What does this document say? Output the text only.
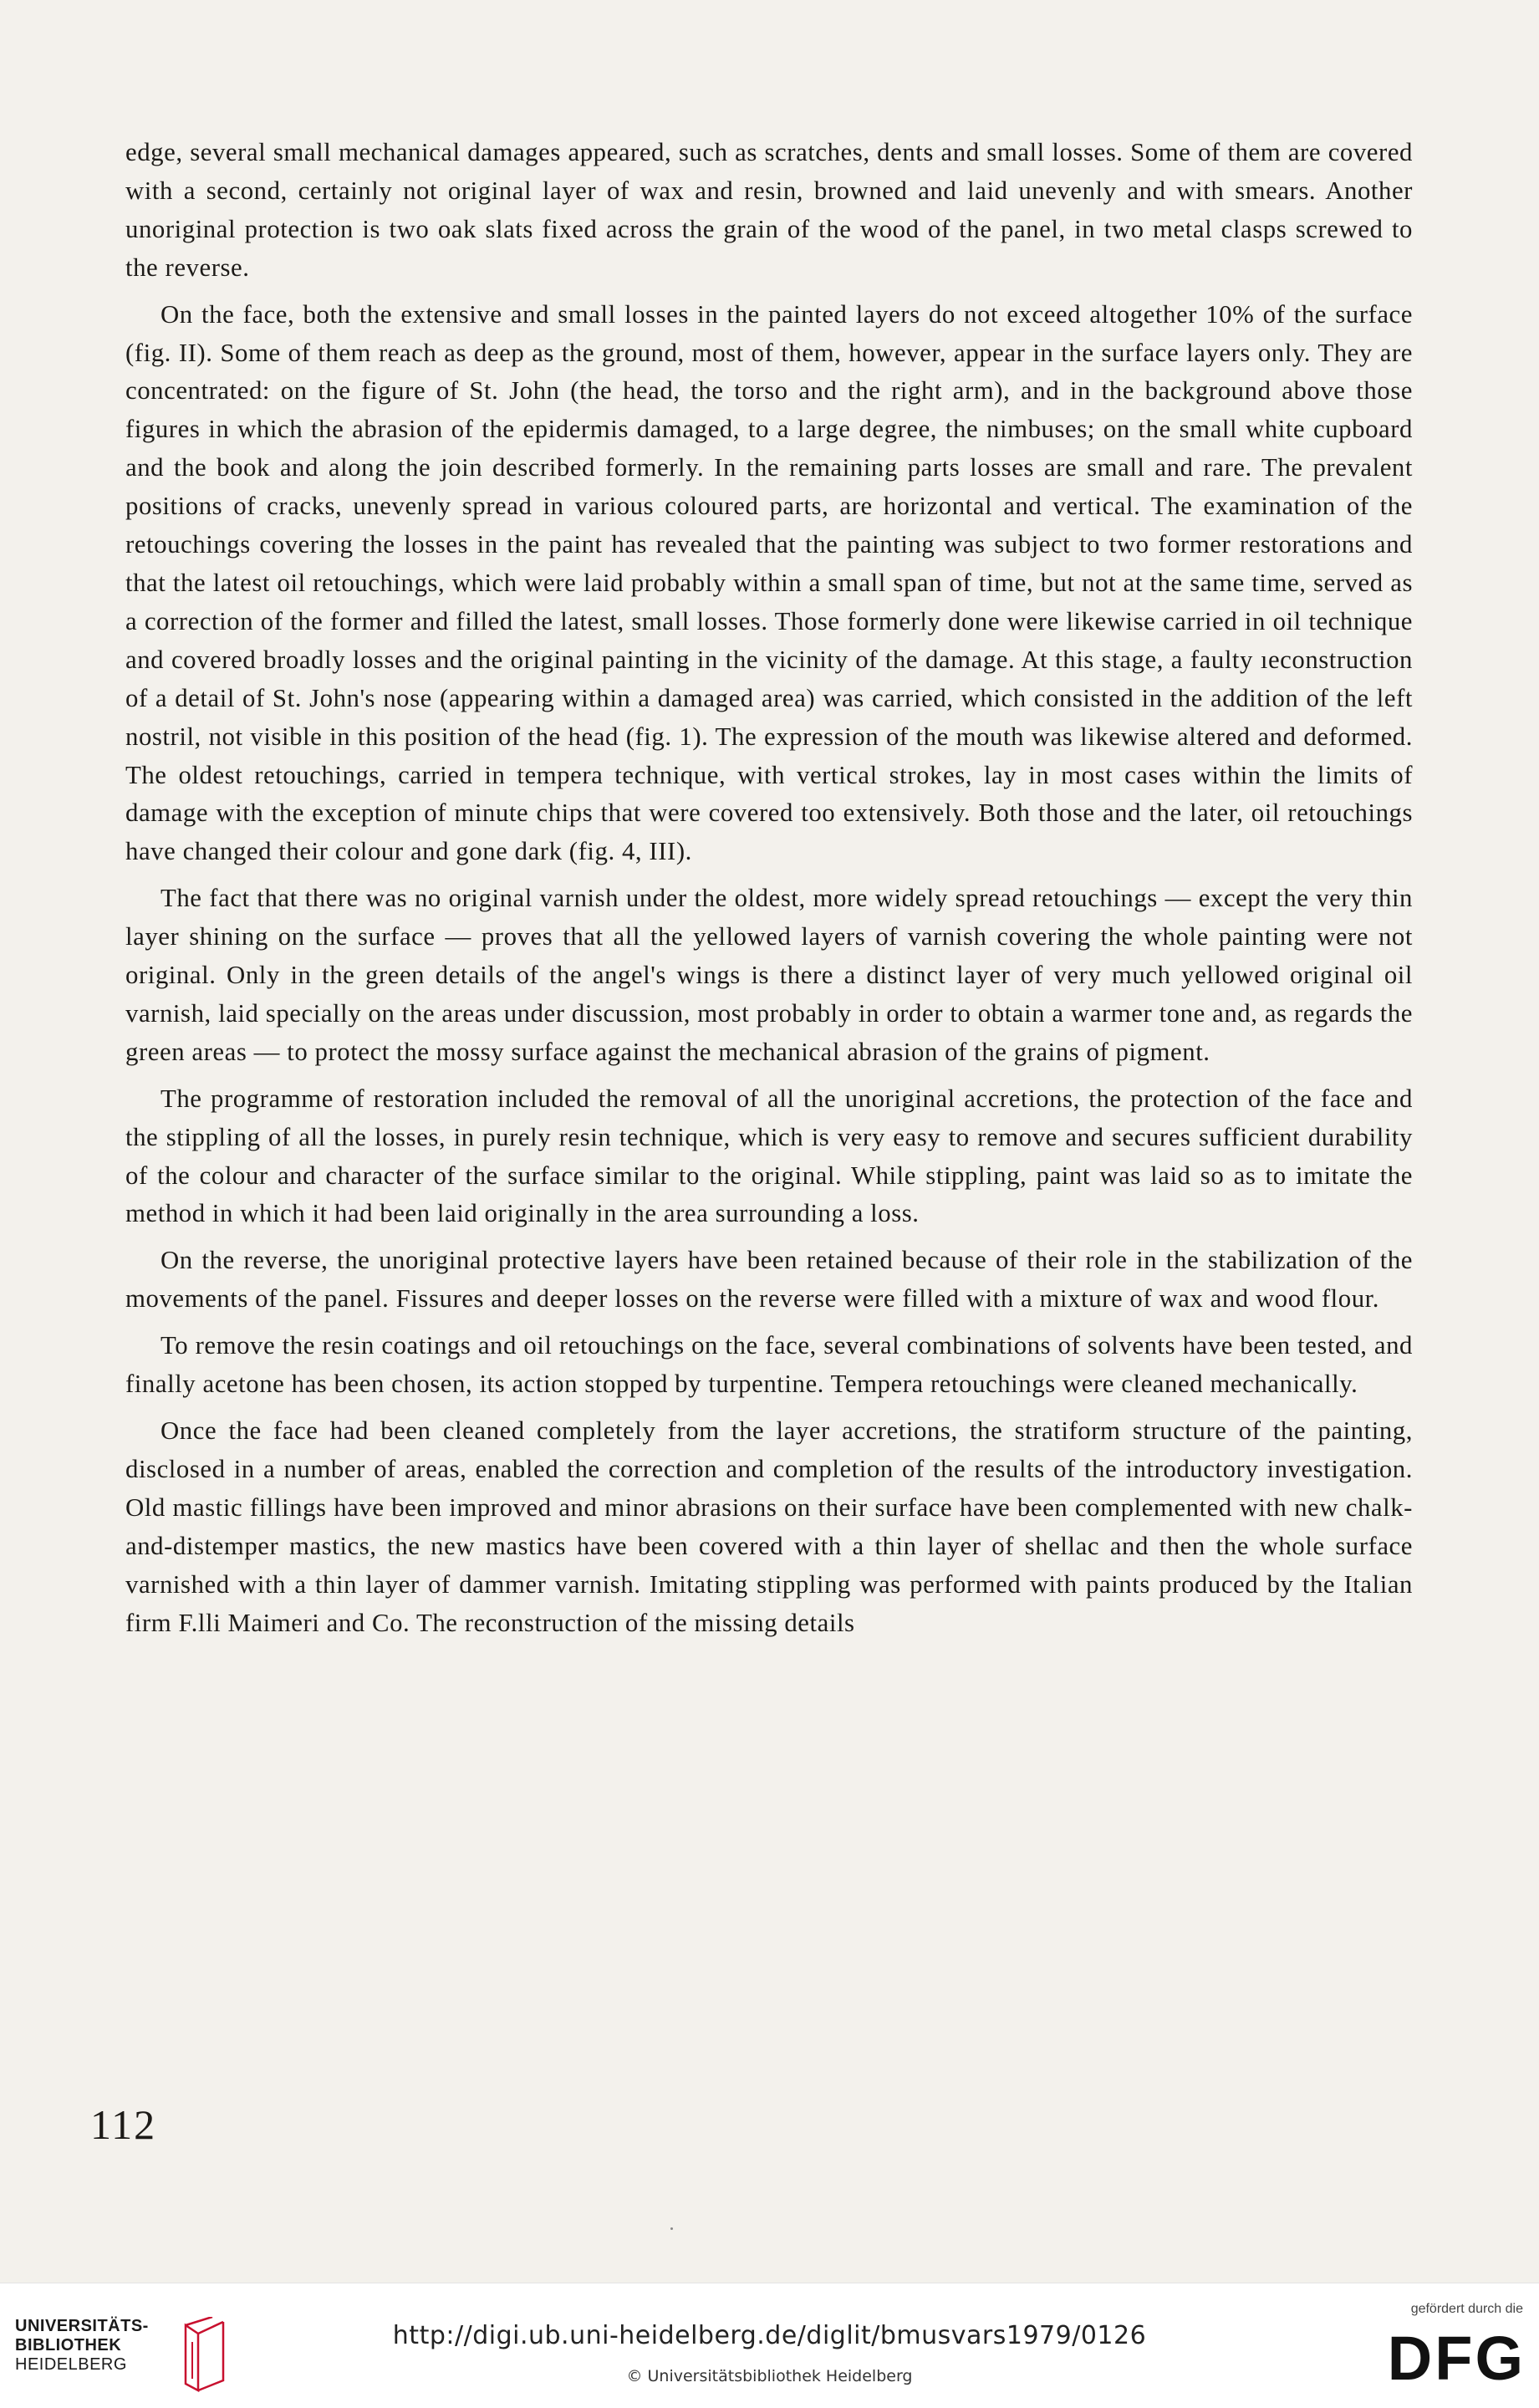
edge, several small mechanical damages appeared, such as scratches, dents and small losses. Some of them are covered with a second, certainly not original layer of wax and resin, browned and laid unevenly and with smears. Another unoriginal protection is two oak slats fixed across the grain of the wood of the panel, in two metal clasps screwed to the reverse.

On the face, both the extensive and small losses in the painted layers do not exceed altogether 10% of the surface (fig. II). Some of them reach as deep as the ground, most of them, however, appear in the surface layers only. They are concentrated: on the figure of St. John (the head, the torso and the right arm), and in the background above those figures in which the abrasion of the epidermis damaged, to a large degree, the nimbuses; on the small white cupboard and the book and along the join described formerly. In the remaining parts losses are small and rare. The prevalent positions of cracks, unevenly spread in various coloured parts, are horizontal and vertical. The examination of the retouchings covering the losses in the paint has revealed that the painting was subject to two former restorations and that the latest oil retouchings, which were laid probably within a small span of time, but not at the same time, served as a correction of the former and filled the latest, small losses. Those formerly done were likewise carried in oil technique and covered broadly losses and the original painting in the vicinity of the damage. At this stage, a faulty ıeconstruction of a detail of St. John's nose (appearing within a damaged area) was carried, which consisted in the addition of the left nostril, not visible in this position of the head (fig. 1). The expression of the mouth was likewise altered and deformed. The oldest retouchings, carried in tempera technique, with vertical strokes, lay in most cases within the limits of damage with the exception of minute chips that were covered too extensively. Both those and the later, oil retouchings have changed their colour and gone dark (fig. 4, III).

The fact that there was no original varnish under the oldest, more widely spread retouchings — except the very thin layer shining on the surface — proves that all the yellowed layers of varnish covering the whole painting were not original. Only in the green details of the angel's wings is there a distinct layer of very much yellowed original oil varnish, laid specially on the areas under discussion, most probably in order to obtain a warmer tone and, as regards the green areas — to protect the mossy surface against the mechanical abrasion of the grains of pigment.

The programme of restoration included the removal of all the unoriginal accretions, the protection of the face and the stippling of all the losses, in purely resin technique, which is very easy to remove and secures sufficient durability of the colour and character of the surface similar to the original. While stippling, paint was laid so as to imitate the method in which it had been laid originally in the area surrounding a loss.

On the reverse, the unoriginal protective layers have been retained because of their role in the stabilization of the movements of the panel. Fissures and deeper losses on the reverse were filled with a mixture of wax and wood flour.

To remove the resin coatings and oil retouchings on the face, several combinations of solvents have been tested, and finally acetone has been chosen, its action stopped by turpentine. Tempera retouchings were cleaned mechanically.

Once the face had been cleaned completely from the layer accretions, the stratiform structure of the painting, disclosed in a number of areas, enabled the correction and completion of the results of the introductory investigation. Old mastic fillings have been improved and minor abrasions on their surface have been complemented with new chalk-and-distemper mastics, the new mastics have been covered with a thin layer of shellac and then the whole surface varnished with a thin layer of dammer varnish. Imitating stippling was performed with paints produced by the Italian firm F.lli Maimeri and Co. The reconstruction of the missing details

112
UNIVERSITÄTS-
BIBLIOTHEK
HEIDELBERG
http://digi.ub.uni-heidelberg.de/diglit/bmusvars1979/0126
© Universitätsbibliothek Heidelberg
gefördert durch die
DFG
